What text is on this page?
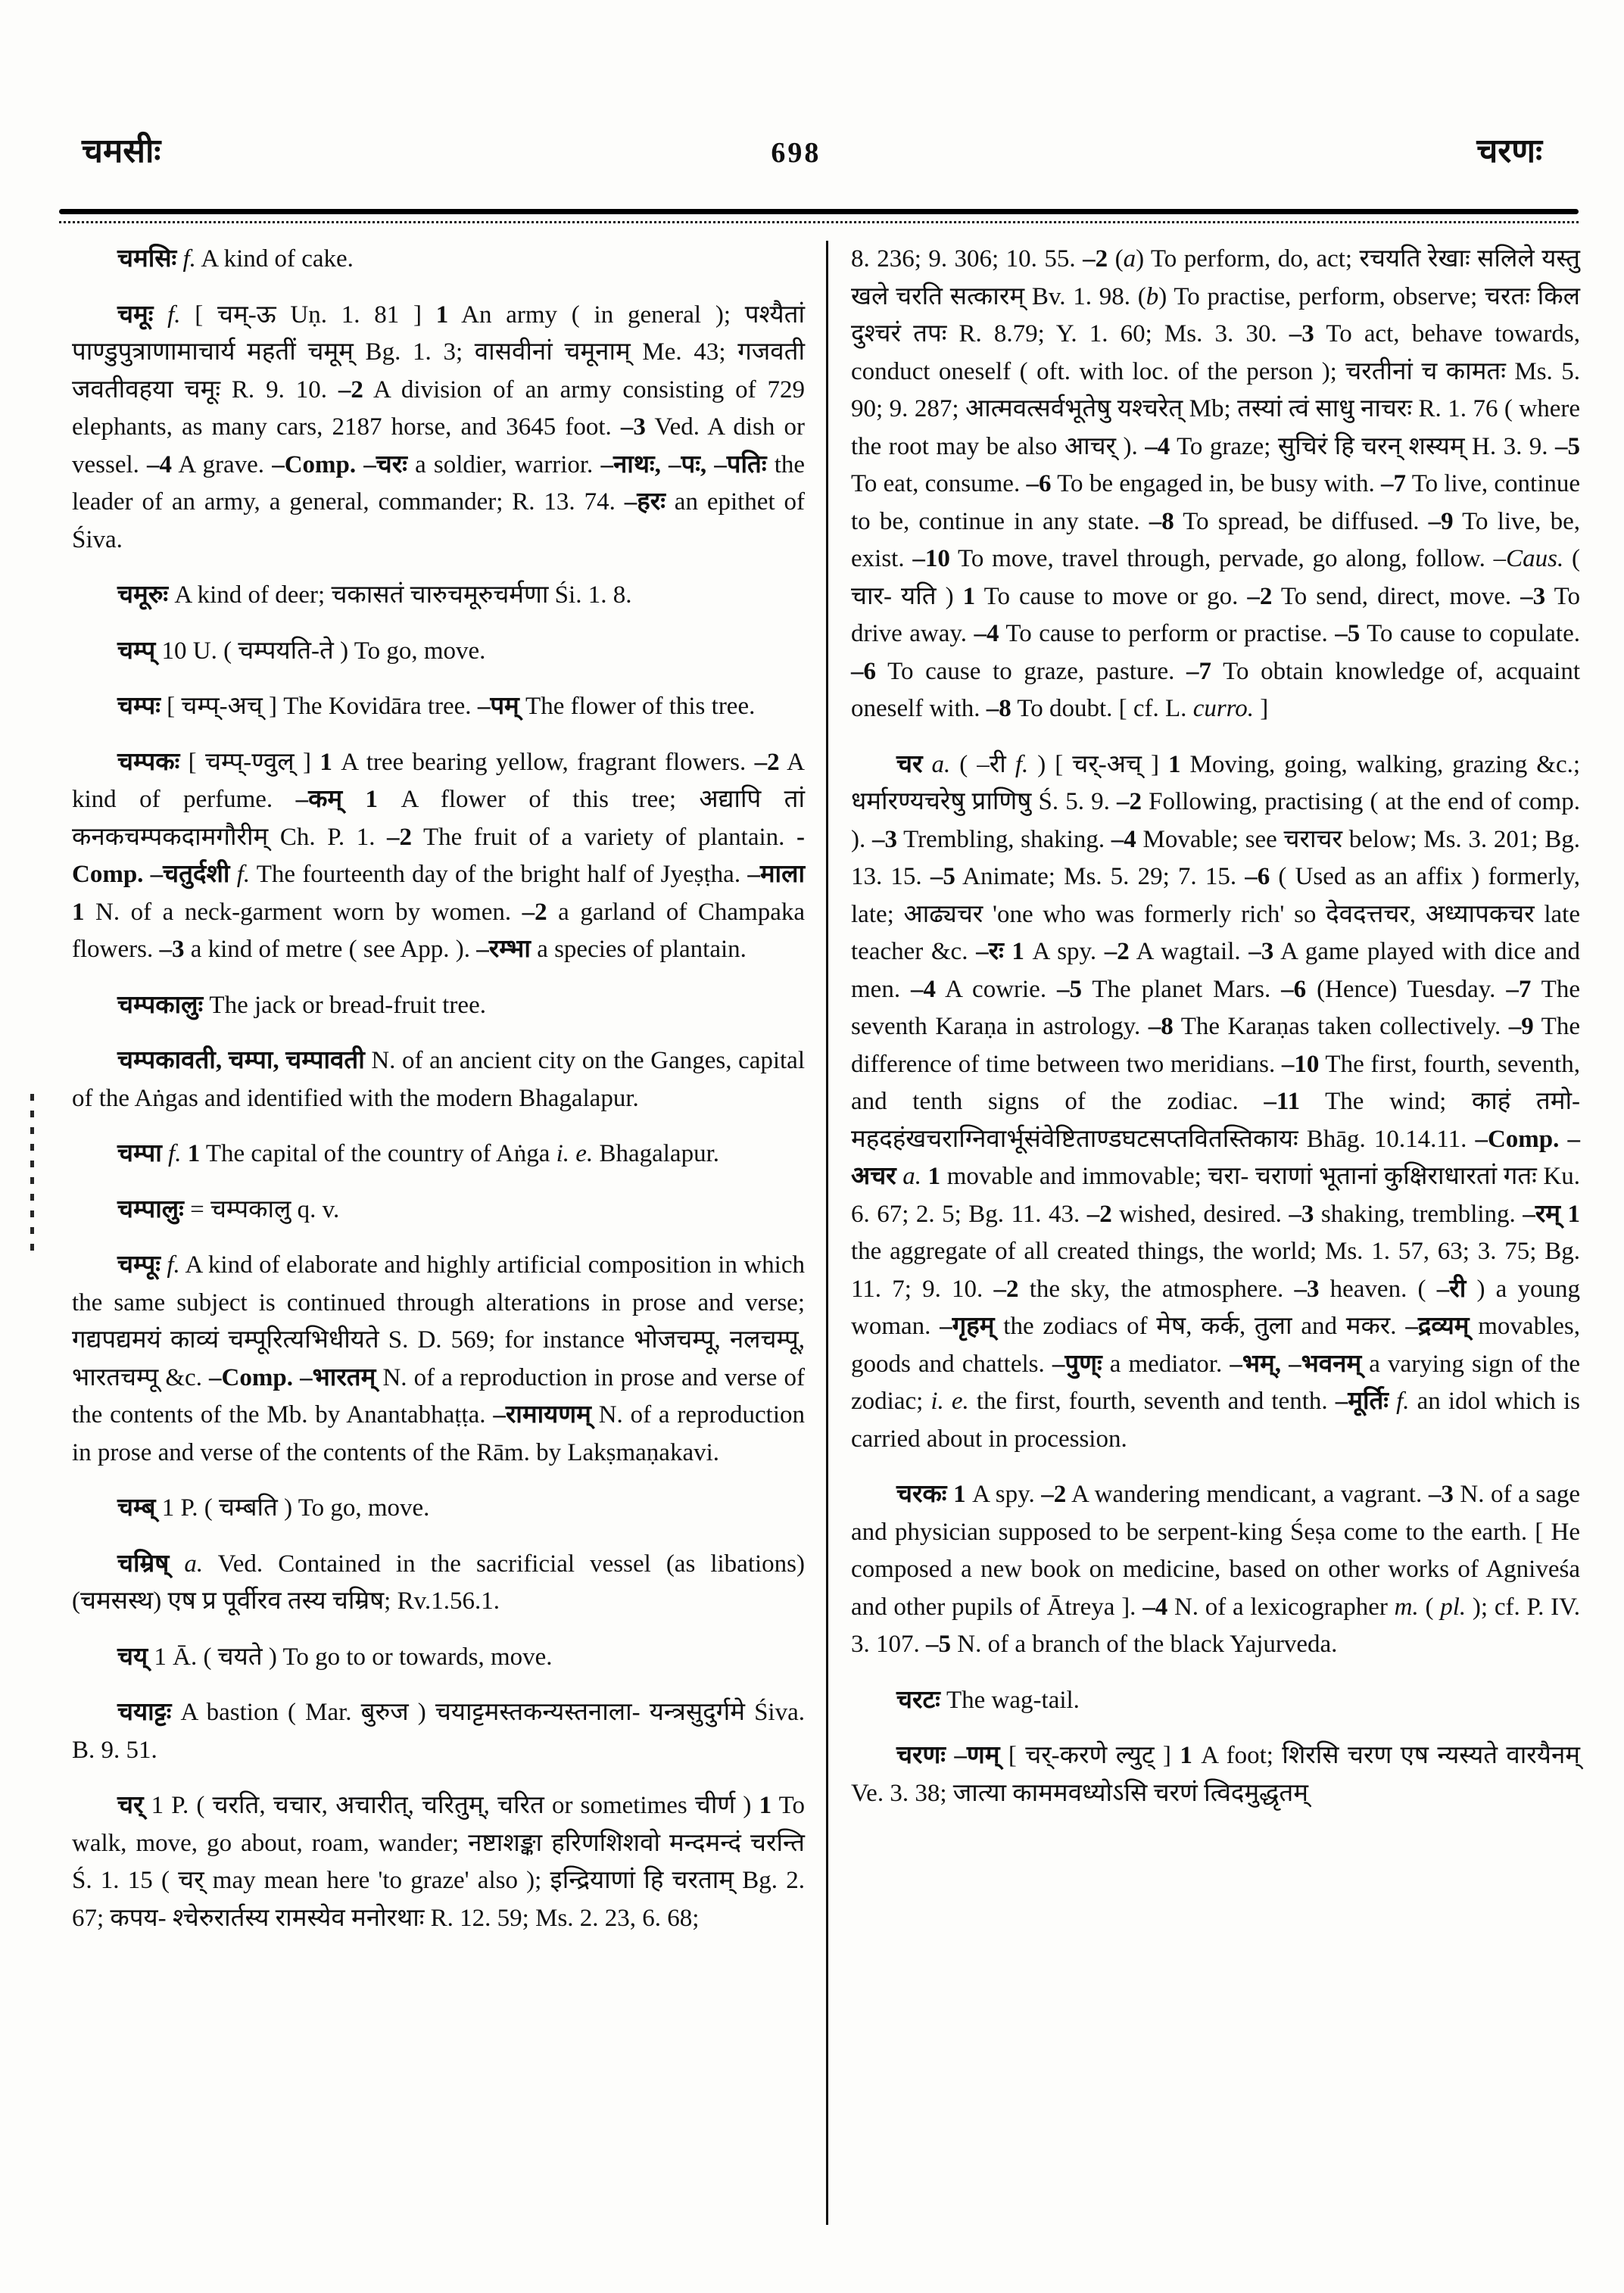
चमसीः	698	चरणः

चमसिः f. A kind of cake.

चमूः f. [ चम्-ऊ Uṇ. 1. 81 ] 1 An army ( in general ); पश्यैतां पाण्डुपुत्राणामाचार्य महतीं चमूम् Bg. 1. 3; वासवीनां चमूनाम् Me. 43; गजवती जवतीवहया चमूः R. 9. 10. –2 A division of an army consisting of 729 elephants, as many cars, 2187 horse, and 3645 foot. –3 Ved. A dish or vessel. –4 A grave. –Comp. –चरः a soldier, warrior. –नाथः, –पः, –पतिः the leader of an army, a general, commander; R. 13. 74. –हरः an epithet of Śiva.

चमूरुः A kind of deer; चकासतं चारुचमूरुचर्मणा Śi. 1. 8.

चम्प् 10 U. ( चम्पयति-ते ) To go, move.

चम्पः [ चम्प्-अच् ] The Kovidāra tree. –पम् The flower of this tree.

चम्पकः [ चम्प्-ण्वुल् ] 1 A tree bearing yellow, fragrant flowers. –2 A kind of perfume. –कम् 1 A flower of this tree; अद्यापि तां कनकचम्पकदामगौरीम् Ch. P. 1. –2 The fruit of a variety of plantain. -Comp. –चतुर्दशी f. The fourteenth day of the bright half of Jyeṣṭha. –माला 1 N. of a neck-garment worn by women. –2 a garland of Champaka flowers. –3 a kind of metre ( see App. ). –रम्भा a species of plantain.

चम्पकालुः The jack or bread-fruit tree.

चम्पकावती, चम्पा, चम्पावती N. of an ancient city on the Ganges, capital of the Aṅgas and identified with the modern Bhagalapur.

चम्पा f. 1 The capital of the country of Aṅga i. e. Bhagalapur.

चम्पालुः = चम्पकालु q. v.

चम्पूः f. A kind of elaborate and highly artificial composition in which the same subject is continued through alterations in prose and verse; गद्यपद्यमयं काव्यं चम्पूरित्यभिधीयते S. D. 569; for instance भोजचम्पू, नलचम्पू, भारतचम्पू &c. –Comp. –भारतम् N. of a reproduction in prose and verse of the contents of the Mb. by Anantabhaṭṭa. –रामायणम् N. of a reproduction in prose and verse of the contents of the Rām. by Lakṣmaṇakavi.

चम्ब् 1 P. ( चम्बति ) To go, move.

चम्रिष् a. Ved. Contained in the sacrificial vessel (as libations) (चमसस्थ) एष प्र पूर्वीरव तस्य चम्रिष; Rv.1.56.1.

चय् 1 Ā. ( चयते ) To go to or towards, move.

चयाट्टः A bastion ( Mar. बुरुज ) चयाट्टमस्तकन्यस्तनाला- यन्त्रसुदुर्गमे Śiva. B. 9. 51.

चर् 1 P. ( चरति, चचार, अचारीत्, चरितुम्, चरित or sometimes चीर्ण ) 1 To walk, move, go about, roam, wander; नष्टाशङ्का हरिणशिशवो मन्दमन्दं चरन्ति Ś. 1. 15 ( चर् may mean here 'to graze' also ); इन्द्रियाणां हि चरताम् Bg. 2. 67; कपय- श्चेरुरार्तस्य रामस्येव मनोरथाः R. 12. 59; Ms. 2. 23, 6. 68;

8. 236; 9. 306; 10. 55. –2 (a) To perform, do, act; रचयति रेखाः सलिले यस्तु खले चरति सत्कारम् Bv. 1. 98. (b) To practise, perform, observe; चरतः किल दुश्चरं तपः R. 8.79; Y. 1. 60; Ms. 3. 30. –3 To act, behave towards, conduct oneself ( oft. with loc. of the person ); चरतीनां च कामतः Ms. 5. 90; 9. 287; आत्मवत्सर्वभूतेषु यश्चरेत् Mb; तस्यां त्वं साधु नाचरः R. 1. 76 ( where the root may be also आचर् ). –4 To graze; सुचिरं हि चरन् शस्यम् H. 3. 9. –5 To eat, consume. –6 To be engaged in, be busy with. –7 To live, continue to be, continue in any state. –8 To spread, be diffused. –9 To live, be, exist. –10 To move, travel through, pervade, go along, follow. –Caus. ( चार- यति ) 1 To cause to move or go. –2 To send, direct, move. –3 To drive away. –4 To cause to perform or practise. –5 To cause to copulate. –6 To cause to graze, pasture. –7 To obtain knowledge of, acquaint oneself with. –8 To doubt. [ cf. L. curro. ]

चर a. ( –री f. ) [ चर्-अच् ] 1 Moving, going, walking, grazing &c.; धर्मारण्यचरेषु प्राणिषु Ś. 5. 9. –2 Following, practising ( at the end of comp. ). –3 Trembling, shaking. –4 Movable; see चराचर below; Ms. 3. 201; Bg. 13. 15. –5 Animate; Ms. 5. 29; 7. 15. –6 ( Used as an affix ) formerly, late; आढ्यचर 'one who was formerly rich' so देवदत्तचर, अध्यापकचर late teacher &c. –रः 1 A spy. –2 A wagtail. –3 A game played with dice and men. –4 A cowrie. –5 The planet Mars. –6 (Hence) Tuesday. –7 The seventh Karaṇa in astrology. –8 The Karaṇas taken collectively. –9 The difference of time between two meridians. –10 The first, fourth, seventh, and tenth signs of the zodiac. –11 The wind; काहं तमो- महदहंखचराग्निवार्भूसंवेष्टिताण्डघटसप्तवितस्तिकायः Bhāg. 10.14.11. –Comp. –अचर a. 1 movable and immovable; चरा- चराणां भूतानां कुक्षिराधारतां गतः Ku. 6. 67; 2. 5; Bg. 11. 43. –2 wished, desired. –3 shaking, trembling. –रम् 1 the aggregate of all created things, the world; Ms. 1. 57, 63; 3. 75; Bg. 11. 7; 9. 10. –2 the sky, the atmosphere. –3 heaven. ( –री ) a young woman. –गृहम् the zodiacs of मेष, कर्क, तुला and मकर. –द्रव्यम् movables, goods and chattels. –पुण्ः a mediator. –भम्, –भवनम् a varying sign of the zodiac; i. e. the first, fourth, seventh and tenth. –मूर्तिः f. an idol which is carried about in procession.

चरकः 1 A spy. –2 A wandering mendicant, a vagrant. –3 N. of a sage and physician supposed to be serpent-king Śeṣa come to the earth. [ He composed a new book on medicine, based on other works of Agniveśa and other pupils of Ātreya ]. –4 N. of a lexicographer m. ( pl. ); cf. P. IV. 3. 107. –5 N. of a branch of the black Yajurveda.

चरटः The wag-tail.

चरणः –णम् [ चर्-करणे ल्युट् ] 1 A foot; शिरसि चरण एष न्यस्यते वारयैनम् Ve. 3. 38; जात्या काममवध्योऽसि चरणं त्विदमुद्धृतम्
